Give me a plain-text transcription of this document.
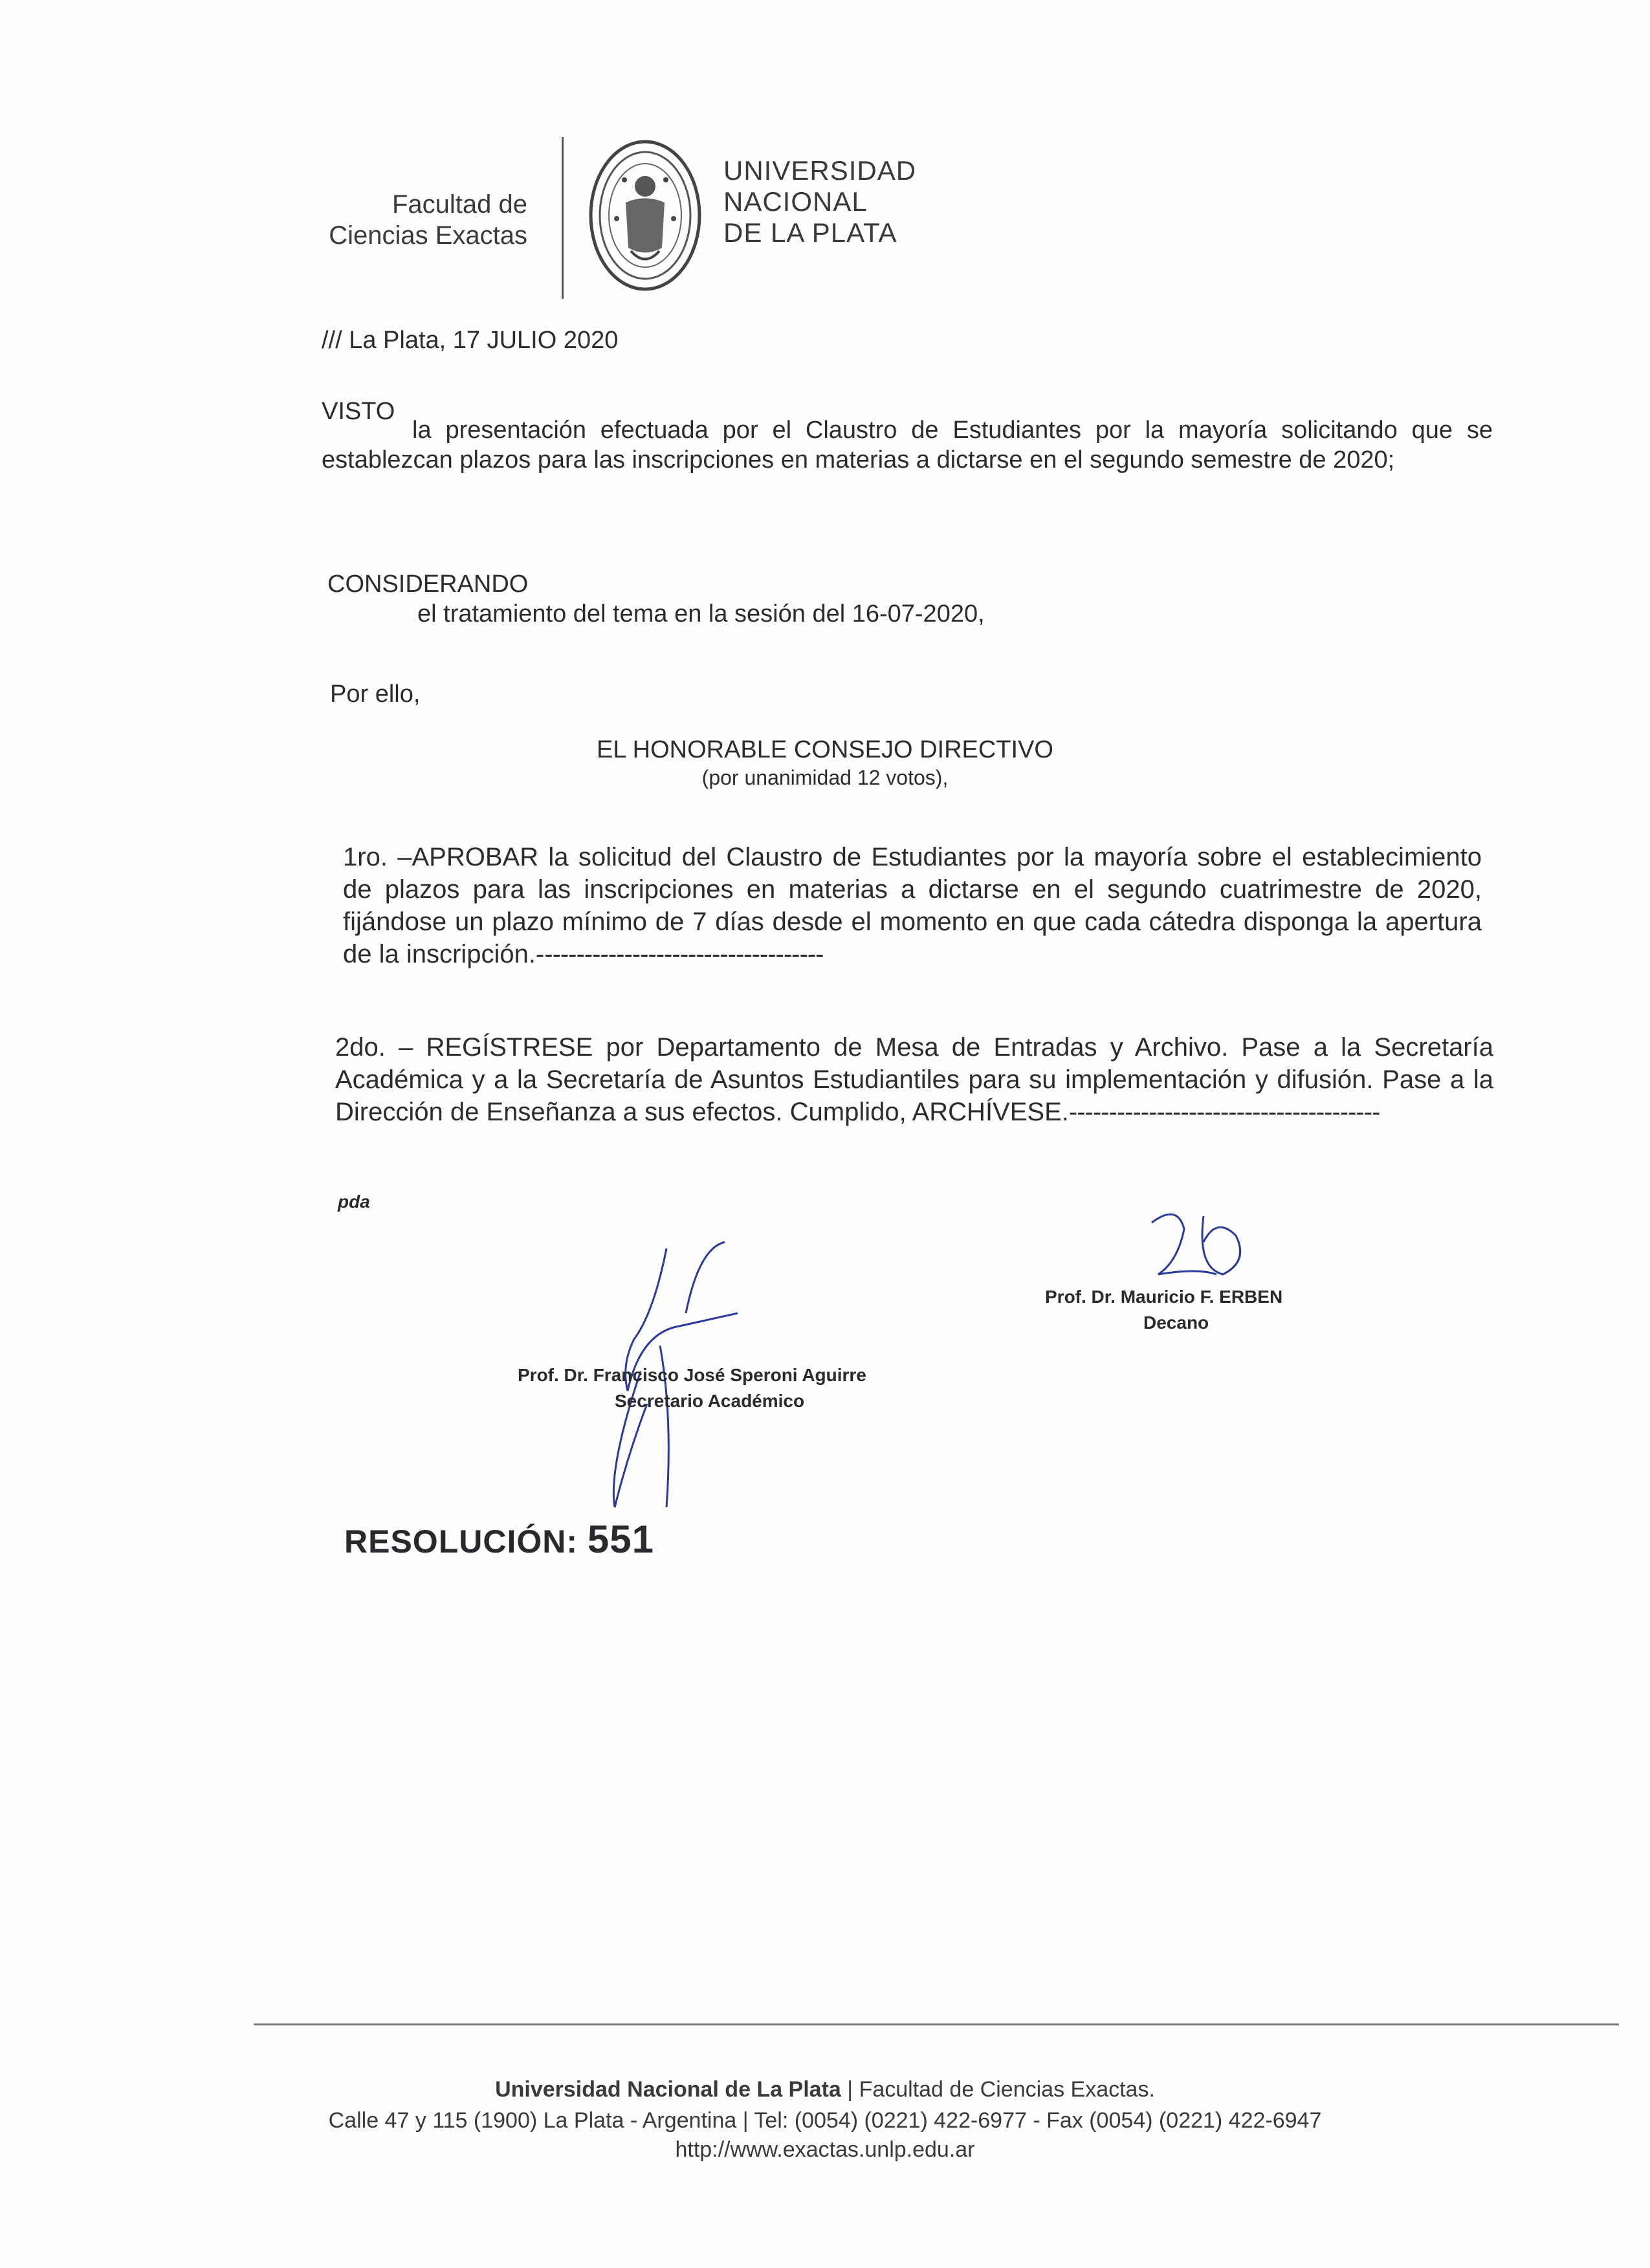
Facultad de
Ciencias Exactas
UNIVERSIDAD
NACIONAL
DE LA PLATA
/// La Plata, 17 JULIO 2020
VISTO
la presentación efectuada por el Claustro de Estudiantes por la mayoría solicitando que se establezcan plazos para las inscripciones en materias a dictarse en el segundo semestre de 2020;
CONSIDERANDO
el tratamiento del tema en la sesión del 16-07-2020,
Por ello,
EL HONORABLE CONSEJO DIRECTIVO
(por unanimidad 12 votos),
1ro. –APROBAR la solicitud del Claustro de Estudiantes por la mayoría sobre el establecimiento de plazos para las inscripciones en materias a dictarse en el segundo cuatrimestre de 2020, fijándose un plazo mínimo de 7 días desde el momento en que cada cátedra disponga la apertura de la inscripción.------------------------------------
2do. – REGÍSTRESE por Departamento de Mesa de Entradas y Archivo. Pase a la Secretaría Académica y a la Secretaría de Asuntos Estudiantiles para su implementación y difusión. Pase a la Dirección de Enseñanza a sus efectos. Cumplido, ARCHÍVESE.---------------------------------------
pda
Prof. Dr. Francisco José Speroni Aguirre
Secretario Académico
Prof. Dr. Mauricio F. ERBEN
Decano
RESOLUCIÓN: 551
Universidad Nacional de La Plata | Facultad de Ciencias Exactas.
Calle 47 y 115 (1900) La Plata - Argentina | Tel: (0054) (0221) 422-6977 - Fax (0054) (0221) 422-6947
http://www.exactas.unlp.edu.ar
